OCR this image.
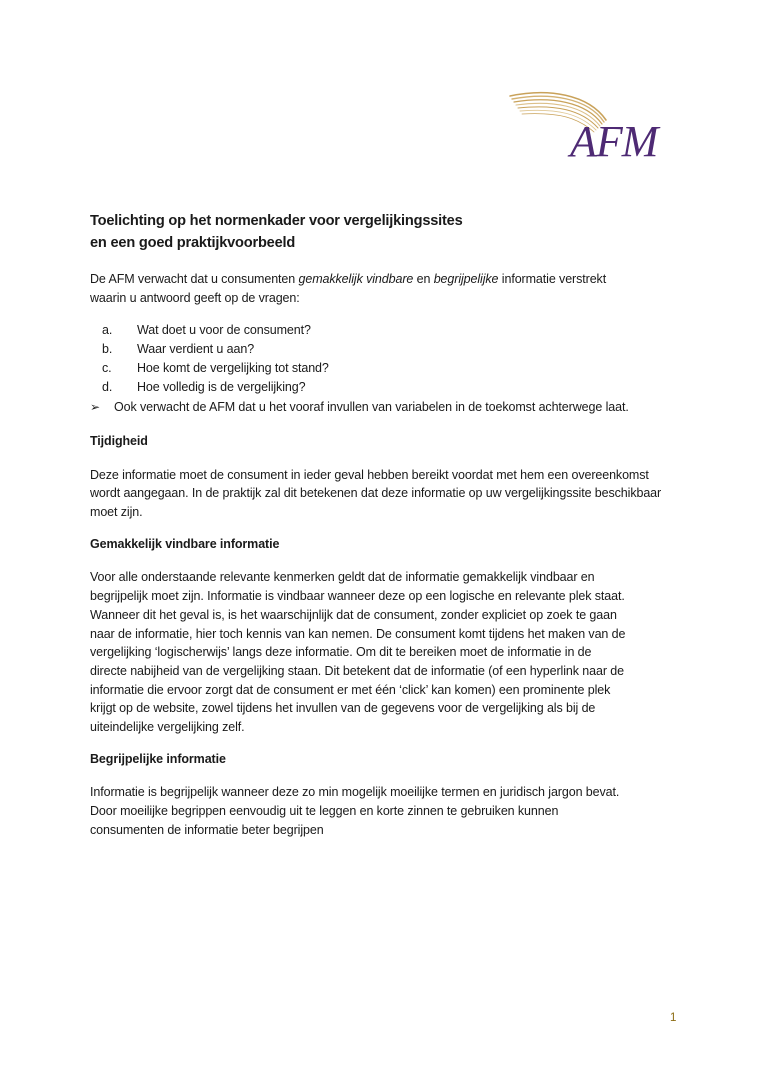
AFM
Toelichting op het normenkader voor vergelijkingssites
en een goed praktijkvoorbeeld

De AFM verwacht dat u consumenten gemakkelijk vindbare en begrijpelijke informatie verstrekt
waarin u antwoord geeft op de vragen:

a.	Wat doet u voor de consument?
b.	Waar verdient u aan?
c.	Hoe komt de vergelijking tot stand?
d.	Hoe volledig is de vergelijking?
➢	Ook verwacht de AFM dat u het vooraf invullen van variabelen in de toekomst achterwege laat.
Tijdigheid

Deze informatie moet de consument in ieder geval hebben bereikt voordat met hem een overeenkomst
wordt aangegaan. In de praktijk zal dit betekenen dat deze informatie op uw vergelijkingssite beschikbaar
moet zijn.

Gemakkelijk vindbare informatie

Voor alle onderstaande relevante kenmerken geldt dat de informatie gemakkelijk vindbaar en
begrijpelijk moet zijn. Informatie is vindbaar wanneer deze op een logische en relevante plek staat.
Wanneer dit het geval is, is het waarschijnlijk dat de consument, zonder expliciet op zoek te gaan
naar de informatie, hier toch kennis van kan nemen. De consument komt tijdens het maken van de
vergelijking ‘logischerwijs’ langs deze informatie. Om dit te bereiken moet de informatie in de
directe nabijheid van de vergelijking staan. Dit betekent dat de informatie (of een hyperlink naar de
informatie die ervoor zorgt dat de consument er met één ‘click’ kan komen) een prominente plek
krijgt op de website, zowel tijdens het invullen van de gegevens voor de vergelijking als bij de
uiteindelijke vergelijking zelf.

Begrijpelijke informatie

Informatie is begrijpelijk wanneer deze zo min mogelijk moeilijke termen en juridisch jargon bevat.
Door moeilijke begrippen eenvoudig uit te leggen en korte zinnen te gebruiken kunnen
consumenten de informatie beter begrijpen

1
